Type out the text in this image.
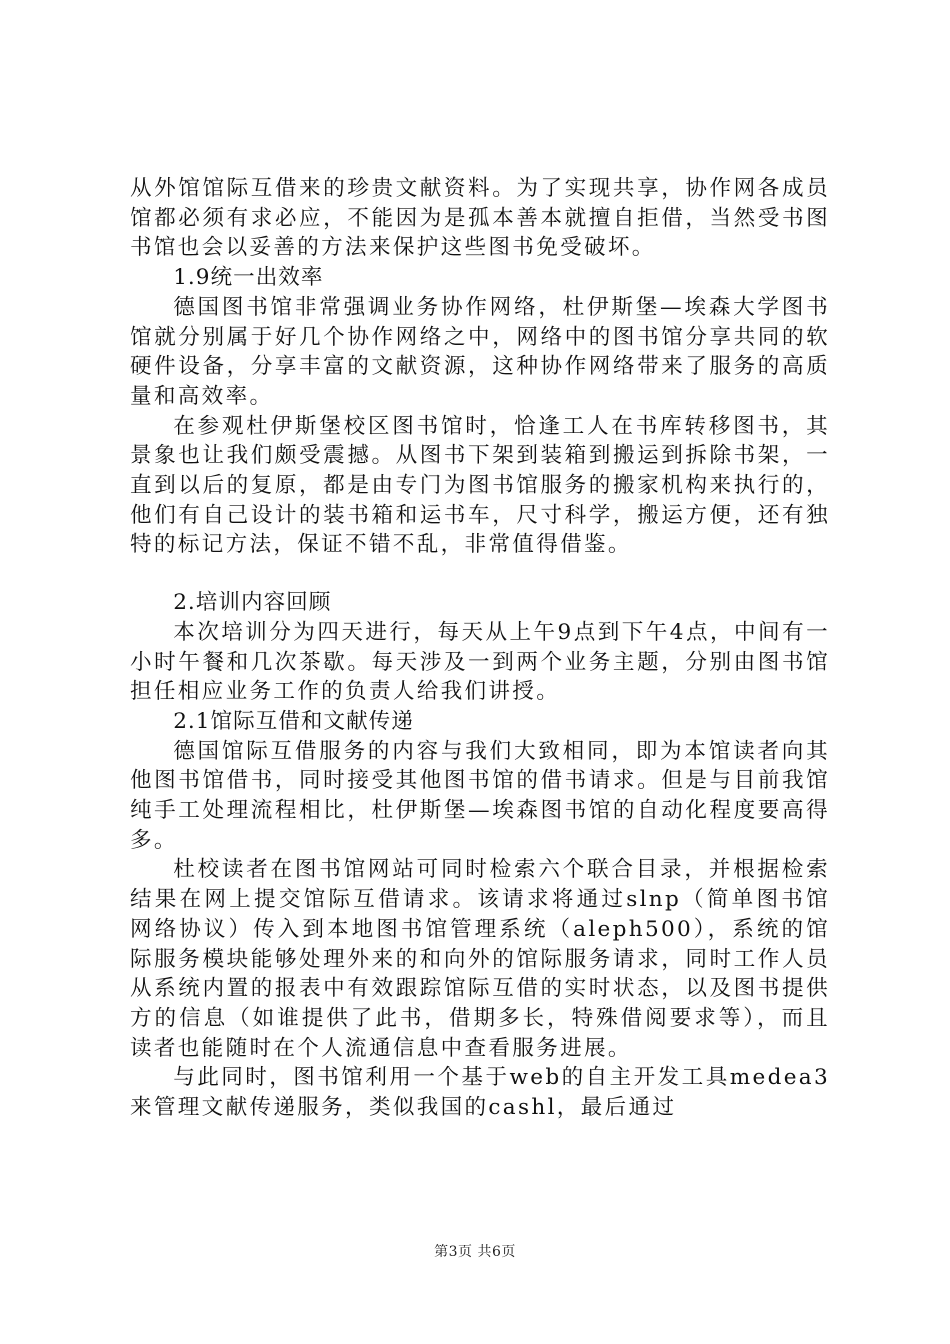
从外馆馆际互借来的珍贵文献资料。为了实现共享，协作网各成员馆都必须有求必应，不能因为是孤本善本就擅自拒借，当然受书图书馆也会以妥善的方法来保护这些图书免受破坏。

1.9统一出效率

德国图书馆非常强调业务协作网络，杜伊斯堡—埃森大学图书馆就分别属于好几个协作网络之中，网络中的图书馆分享共同的软硬件设备，分享丰富的文献资源，这种协作网络带来了服务的高质量和高效率。

在参观杜伊斯堡校区图书馆时，恰逢工人在书库转移图书，其景象也让我们颇受震撼。从图书下架到装箱到搬运到拆除书架，一直到以后的复原，都是由专门为图书馆服务的搬家机构来执行的，他们有自己设计的装书箱和运书车，尺寸科学，搬运方便，还有独特的标记方法，保证不错不乱，非常值得借鉴。

2.培训内容回顾

本次培训分为四天进行，每天从上午9点到下午4点，中间有一小时午餐和几次茶歇。每天涉及一到两个业务主题，分别由图书馆担任相应业务工作的负责人给我们讲授。

2.1馆际互借和文献传递

德国馆际互借服务的内容与我们大致相同，即为本馆读者向其他图书馆借书，同时接受其他图书馆的借书请求。但是与目前我馆纯手工处理流程相比，杜伊斯堡—埃森图书馆的自动化程度要高得多。

杜校读者在图书馆网站可同时检索六个联合目录，并根据检索结果在网上提交馆际互借请求。该请求将通过slnp（简单图书馆网络协议）传入到本地图书馆管理系统（aleph500），系统的馆际服务模块能够处理外来的和向外的馆际服务请求，同时工作人员从系统内置的报表中有效跟踪馆际互借的实时状态，以及图书提供方的信息（如谁提供了此书，借期多长，特殊借阅要求等），而且读者也能随时在个人流通信息中查看服务进展。

与此同时，图书馆利用一个基于web的自主开发工具medea3来管理文献传递服务，类似我国的cashl，最后通过

第3页 共6页
